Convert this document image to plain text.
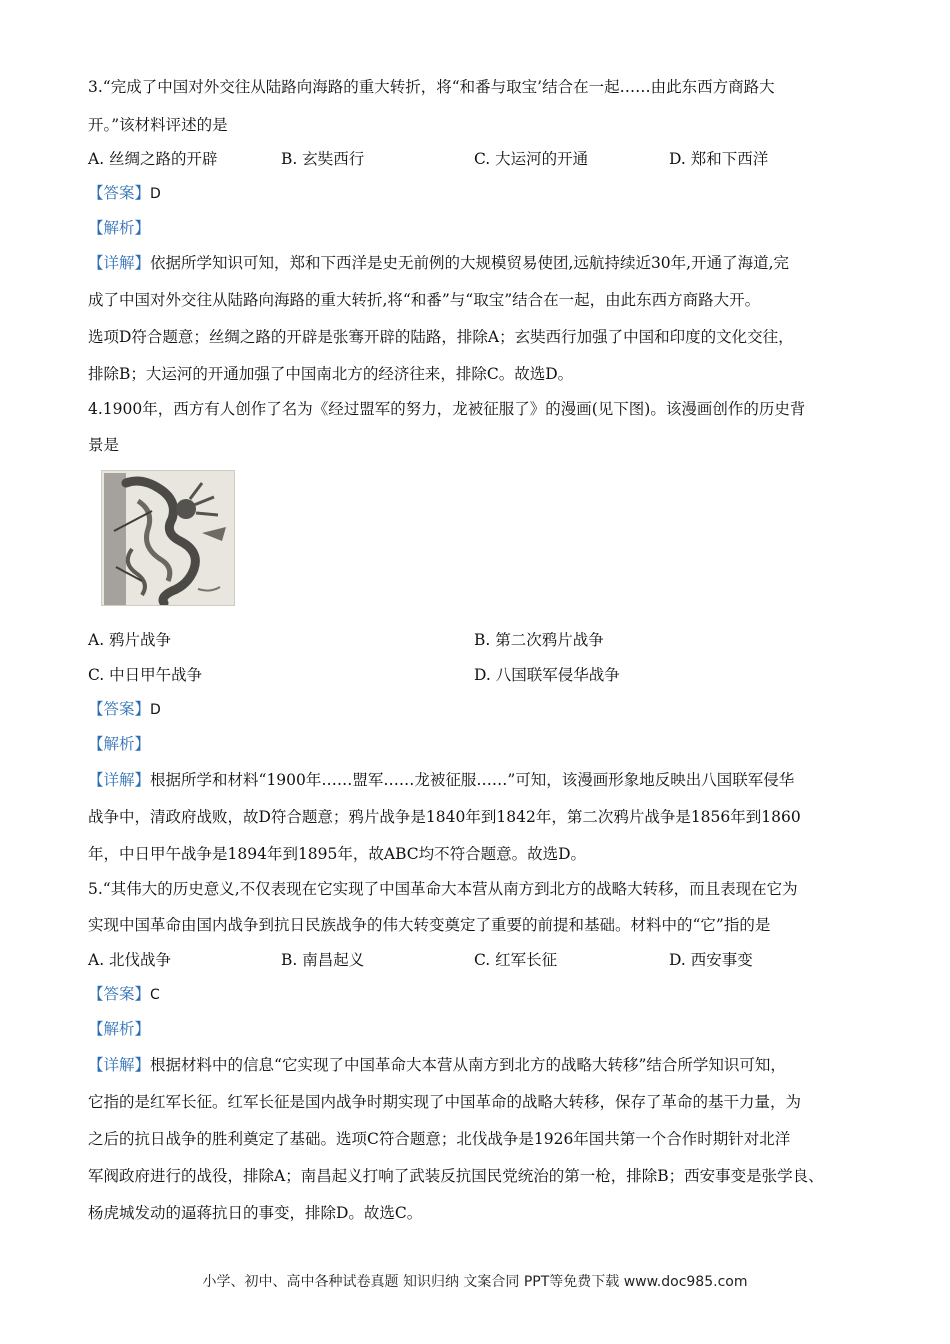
3.“完成了中国对外交往从陆路向海路的重大转折，将“和番与取宝’结合在一起……由此东西方商路大
开。”该材料评述的是
A. 丝绸之路的开辟	B. 玄奘西行	C. 大运河的开通	D. 郑和下西洋
【答案】D
【解析】
【详解】依据所学知识可知，郑和下西洋是史无前例的大规模贸易使团,远航持续近30年,开通了海道,完
成了中国对外交往从陆路向海路的重大转折,将“和番”与“取宝”结合在一起，由此东西方商路大开。
选项D符合题意；丝绸之路的开辟是张骞开辟的陆路，排除A；玄奘西行加强了中国和印度的文化交往，
排除B；大运河的开通加强了中国南北方的经济往来，排除C。故选D。
4.1900年，西方有人创作了名为《经过盟军的努力，龙被征服了》的漫画(见下图)。该漫画创作的历史背
景是
A. 鸦片战争	B. 第二次鸦片战争
C. 中日甲午战争	D. 八国联军侵华战争
【答案】D
【解析】
【详解】根据所学和材料“1900年……盟军……龙被征服……”可知，该漫画形象地反映出八国联军侵华
战争中，清政府战败，故D符合题意；鸦片战争是1840年到1842年，第二次鸦片战争是1856年到1860
年，中日甲午战争是1894年到1895年，故ABC均不符合题意。故选D。
5.“其伟大的历史意义,不仅表现在它实现了中国革命大本营从南方到北方的战略大转移，而且表现在它为
实现中国革命由国内战争到抗日民族战争的伟大转变奠定了重要的前提和基础。材料中的“它”指的是
A. 北伐战争	B. 南昌起义	C. 红军长征	D. 西安事变
【答案】C
【解析】
【详解】根据材料中的信息“它实现了中国革命大本营从南方到北方的战略大转移”结合所学知识可知，
它指的是红军长征。红军长征是国内战争时期实现了中国革命的战略大转移，保存了革命的基干力量，为
之后的抗日战争的胜利奠定了基础。选项C符合题意；北伐战争是1926年国共第一个合作时期针对北洋
军阀政府进行的战役，排除A；南昌起义打响了武装反抗国民党统治的第一枪，排除B；西安事变是张学良、
杨虎城发动的逼蒋抗日的事变，排除D。故选C。
小学、初中、高中各种试卷真题 知识归纳 文案合同 PPT等免费下载 www.doc985.com
